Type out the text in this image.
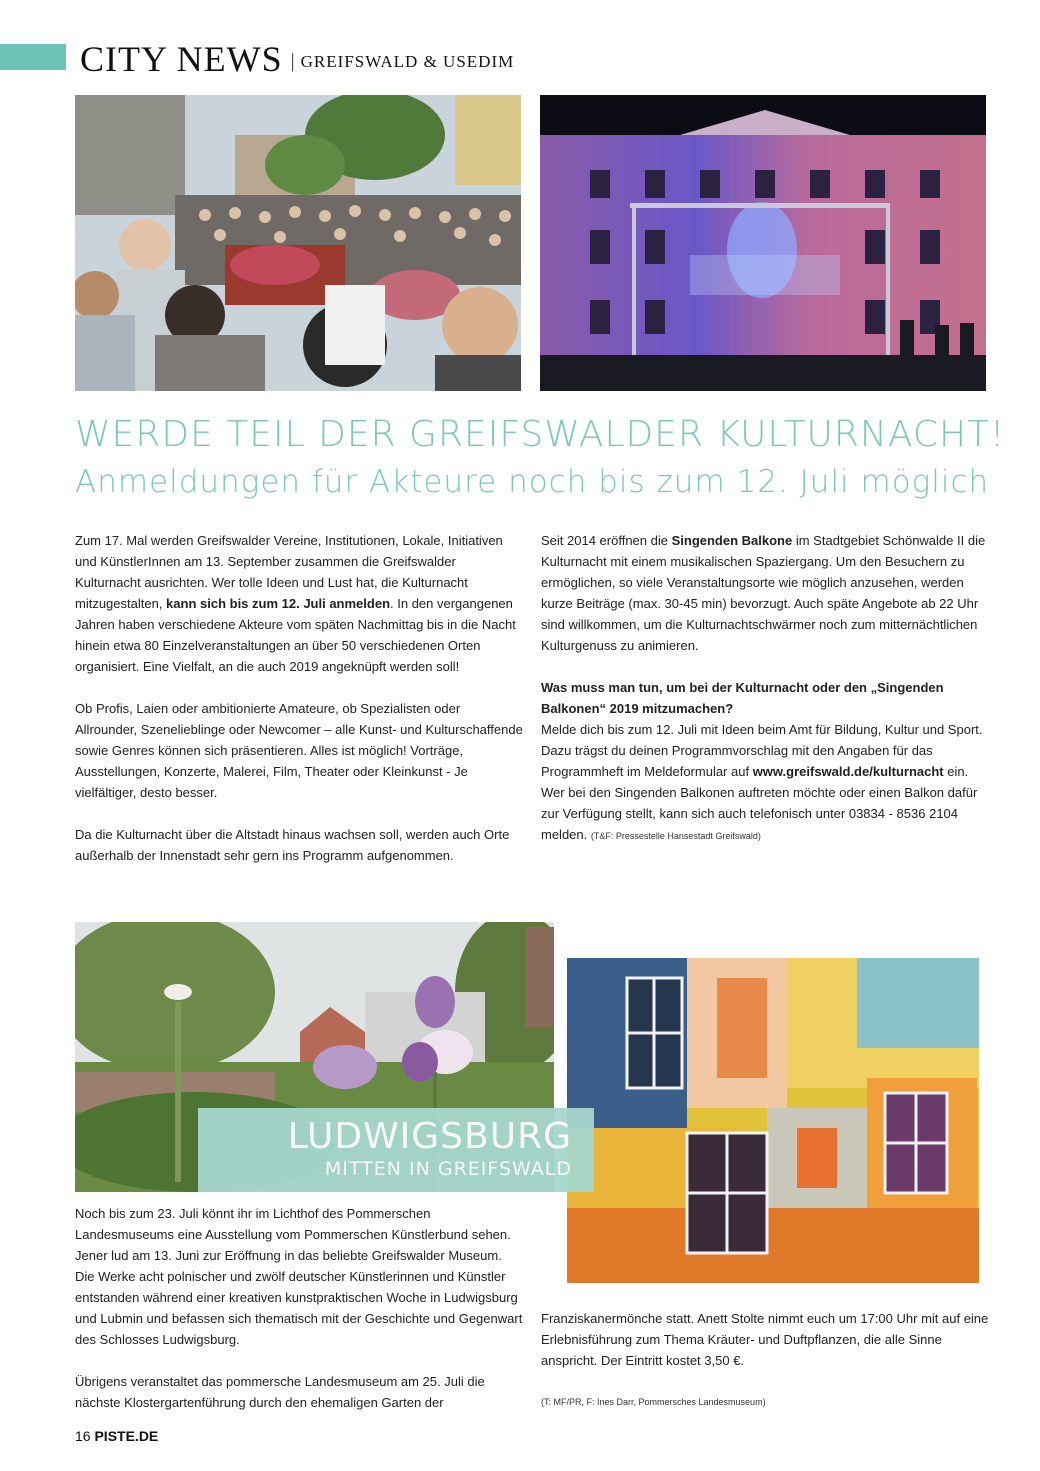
CITY NEWS | GREIFSWALD & USEDIM
WERDE TEIL DER GREIFSWALDER KULTURNACHT!
Anmeldungen für Akteure noch bis zum 12. Juli möglich

Zum 17. Mal werden Greifswalder Vereine, Institutionen, Lokale, Initiativen und KünstlerInnen am 13. September zusammen die Greifswalder Kulturnacht ausrichten. Wer tolle Ideen und Lust hat, die Kulturnacht mitzugestalten, kann sich bis zum 12. Juli anmelden. In den vergangenen Jahren haben verschiedene Akteure vom späten Nachmittag bis in die Nacht hinein etwa 80 Einzelveranstaltungen an über 50 verschiedenen Orten organisiert. Eine Vielfalt, an die auch 2019 angeknüpft werden soll!

Ob Profis, Laien oder ambitionierte Amateure, ob Spezialisten oder Allrounder, Szenelieblinge oder Newcomer – alle Kunst- und Kulturschaffende sowie Genres können sich präsentieren. Alles ist möglich! Vorträge, Ausstellungen, Konzerte, Malerei, Film, Theater oder Kleinkunst - Je vielfältiger, desto besser.

Da die Kulturnacht über die Altstadt hinaus wachsen soll, werden auch Orte außerhalb der Innenstadt sehr gern ins Programm aufgenommen.

Seit 2014 eröffnen die Singenden Balkone im Stadtgebiet Schönwalde II die Kulturnacht mit einem musikalischen Spaziergang. Um den Besuchern zu ermöglichen, so viele Veranstaltungsorte wie möglich anzusehen, werden kurze Beiträge (max. 30-45 min) bevorzugt. Auch späte Angebote ab 22 Uhr sind willkommen, um die Kulturnachtschwärmer noch zum mitternächtlichen Kulturgenuss zu animieren.

Was muss man tun, um bei der Kulturnacht oder den „Singenden Balkonen“ 2019 mitzumachen?
Melde dich bis zum 12. Juli mit Ideen beim Amt für Bildung, Kultur und Sport. Dazu trägst du deinen Programmvorschlag mit den Angaben für das Programmheft im Meldeformular auf www.greifswald.de/kulturnacht ein. Wer bei den Singenden Balkonen auftreten möchte oder einen Balkon dafür zur Verfügung stellt, kann sich auch telefonisch unter 03834 - 8536 2104 melden. (T&F: Pressestelle Hansestadt Greifswald)

LUDWIGSBURG
MITTEN IN GREIFSWALD

Noch bis zum 23. Juli könnt ihr im Lichthof des Pommerschen Landesmuseums eine Ausstellung vom Pommerschen Künstlerbund sehen. Jener lud am 13. Juni zur Eröffnung in das beliebte Greifswalder Museum. Die Werke acht polnischer und zwölf deutscher Künstlerinnen und Künstler entstanden während einer kreativen kunstpraktischen Woche in Ludwigsburg und Lubmin und befassen sich thematisch mit der Geschichte und Gegenwart des Schlosses Ludwigsburg.

Übrigens veranstaltet das pommersche Landesmuseum am 25. Juli die nächste Klostergartenführung durch den ehemaligen Garten der

Franziskanermönche statt. Anett Stolte nimmt euch um 17:00 Uhr mit auf eine Erlebnisführung zum Thema Kräuter- und Duftpflanzen, die alle Sinne anspricht. Der Eintritt kostet 3,50 €.

(T: MF/PR, F: Ines Darr, Pommersches Landesmuseum)

16 PISTE.DE
